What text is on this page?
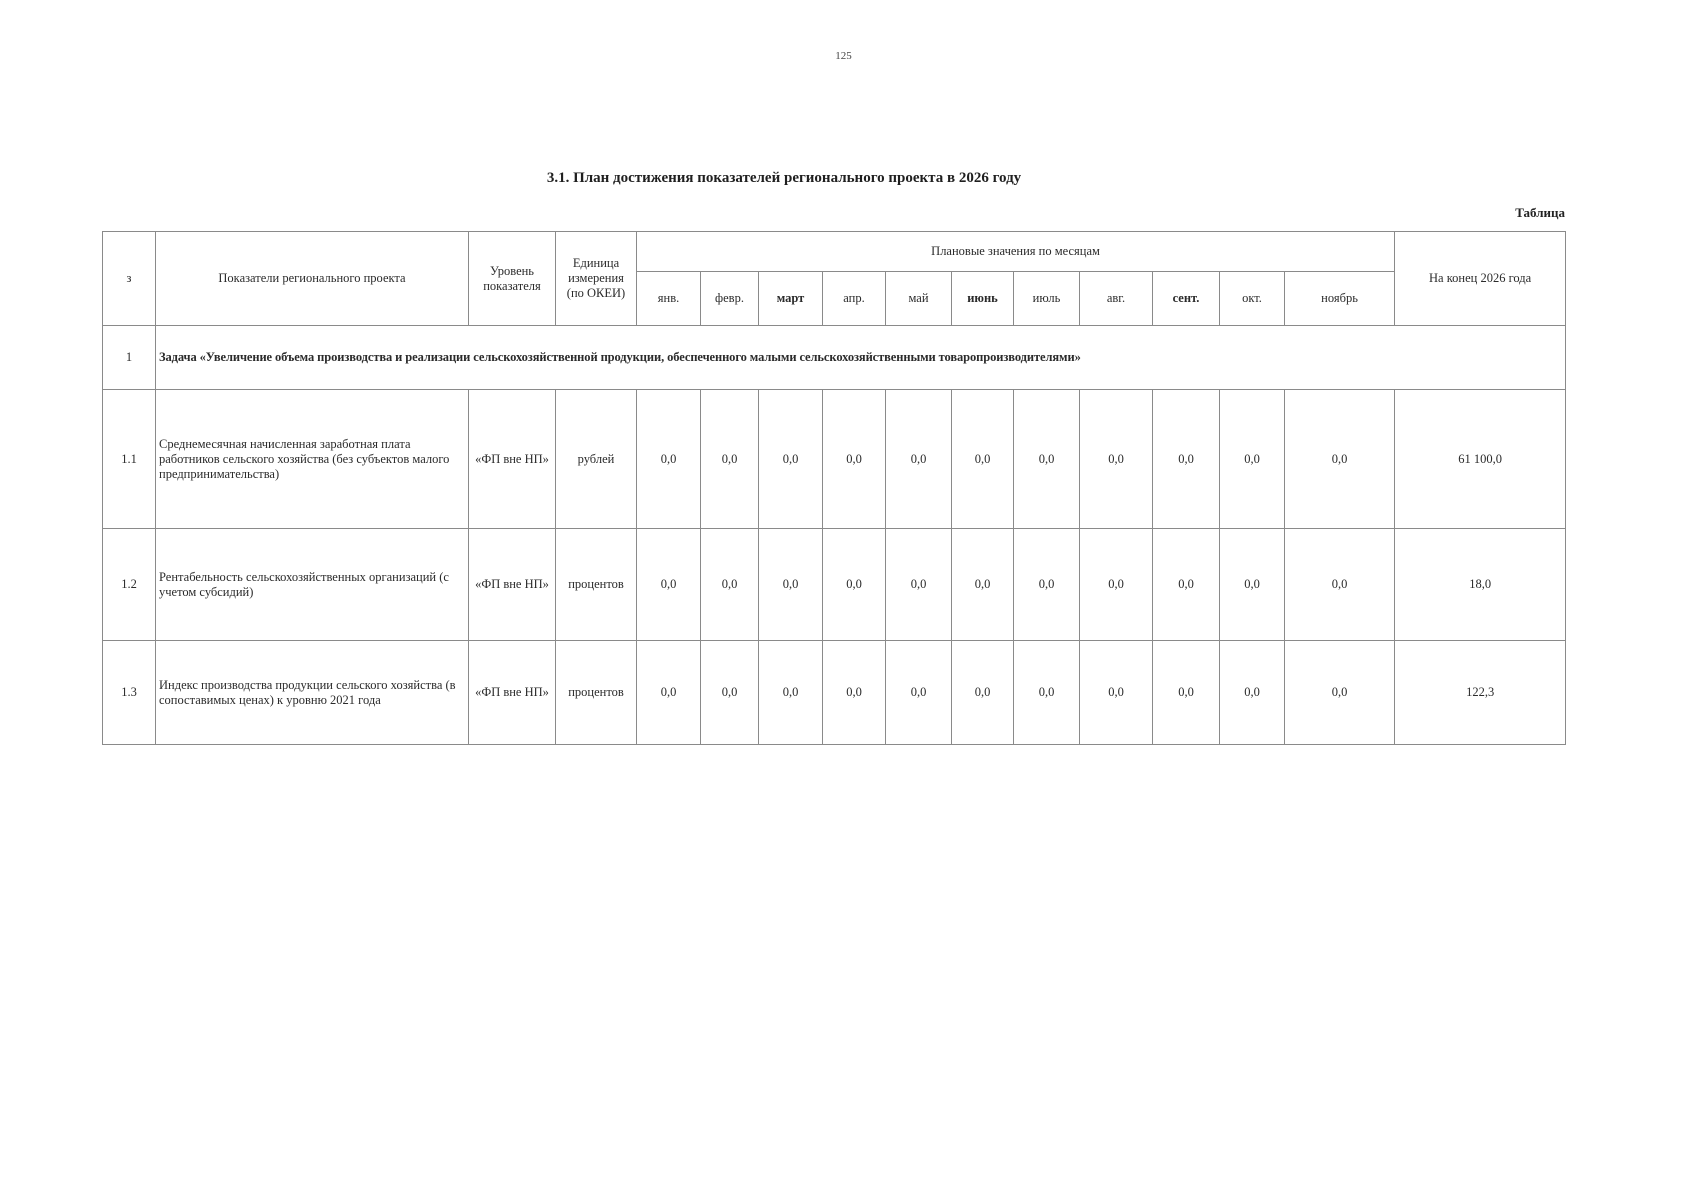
125
3.1. План достижения показателей регионального проекта в 2026 году
Таблица
з	Показатели регионального проекта	Уровень показателя	Единица измерения (по ОКЕИ)	Плановые значения по месяцам											На конец 2026 года
				янв.	февр.	март	апр.	май	июнь	июль	авг.	сент.	окт.	ноябрь	
1	Задача «Увеличение объема производства и реализации сельскохозяйственной продукции, обеспеченного малыми сельскохозяйственными товаропроизводителями»														
1.1	Среднемесячная начисленная заработная плата работников сельского хозяйства (без субъектов малого предпринимательства)	«ФП вне НП»	рублей	0,0	0,0	0,0	0,0	0,0	0,0	0,0	0,0	0,0	0,0	0,0	61 100,0
1.2	Рентабельность сельскохозяйственных организаций (с учетом субсидий)	«ФП вне НП»	процентов	0,0	0,0	0,0	0,0	0,0	0,0	0,0	0,0	0,0	0,0	0,0	18,0
1.3	Индекс производства продукции сельского хозяйства (в сопоставимых ценах) к уровню 2021 года	«ФП вне НП»	процентов	0,0	0,0	0,0	0,0	0,0	0,0	0,0	0,0	0,0	0,0	0,0	122,3
